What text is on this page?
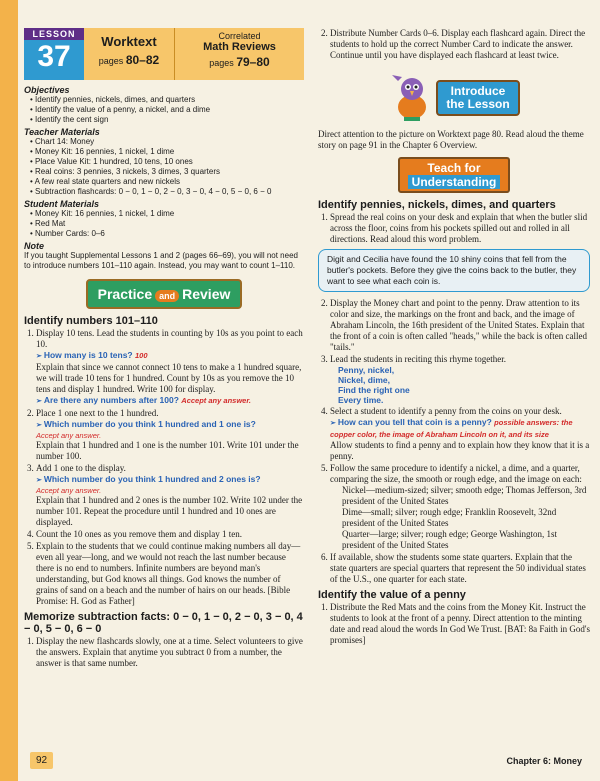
LESSON
37	Worktext
pages 80–82
Correlated
Math Reviews
pages 79–80
Objectives
• Identify pennies, nickels, dimes, and quarters
• Identify the value of a penny, a nickel, and a dime
• Identify the cent sign
Teacher Materials
• Chart 14: Money
• Money Kit: 16 pennies, 1 nickel, 1 dime
• Place Value Kit: 1 hundred, 10 tens, 10 ones
• Real coins: 3 pennies, 3 nickels, 3 dimes, 3 quarters
• A few real state quarters and new nickels
• Subtraction flashcards: 0 − 0, 1 − 0, 2 − 0, 3 − 0, 4 − 0, 5 − 0, 6 − 0
Student Materials
• Money Kit: 16 pennies, 1 nickel, 1 dime
• Red Mat
• Number Cards: 0–6
Note

If you taught Supplemental Lessons 1 and 2 (pages 66–69), you will not need to introduce numbers 101–110 again. Instead, you may want to count 1–110.

Practice and Review
Identify numbers 101–110
1. Display 10 tens. Lead the students in counting by 10s as you point to each 10.
➢ How many is 10 tens? 100
Explain that since we cannot connect 10 tens to make a 1 hundred square, we will trade 10 tens for 1 hundred. Count by 10s as you remove the 10 tens and display 1 hundred. Write 100 for display.
➢ Are there any numbers after 100? Accept any answer.
2. Place 1 one next to the 1 hundred.
➢ Which number do you think 1 hundred and 1 one is?
Accept any answer.
Explain that 1 hundred and 1 one is the number 101. Write 101 under the number 100.
3. Add 1 one to the display.
➢ Which number do you think 1 hundred and 2 ones is?
Accept any answer.
Explain that 1 hundred and 2 ones is the number 102. Write 102 under the number 101. Repeat the procedure until 1 hundred and 10 ones are displayed.
4. Count the 10 ones as you remove them and display 1 ten.
5. Explain to the students that we could continue making numbers all day—even all year—long, and we would not reach the last number because there is no end to numbers. Infinite numbers are beyond man's understanding, but God knows all things. God knows the number of grains of sand on a beach and the number of hairs on our heads. [Bible Promise: H. God as Father]
Memorize subtraction facts: 0 − 0, 1 − 0, 2 − 0, 3 − 0, 4 − 0, 5 − 0, 6 − 0
1. Display the new flashcards slowly, one at a time. Select volunteers to give the answers. Explain that anytime you subtract 0 from a number, the answer is that same number.
2. Distribute Number Cards 0–6. Display each flashcard again. Direct the students to hold up the correct Number Card to indicate the answer. Continue until you have displayed each flashcard at least twice.
Introduce
the Lesson

Direct attention to the picture on Worktext page 80. Read aloud the theme story on page 91 in the Chapter 6 Overview.

Teach for
Understanding
Identify pennies, nickels, dimes, and quarters
1. Spread the real coins on your desk and explain that when the butler slid across the floor, coins from his pockets spilled out and rolled in all directions. Read aloud this word problem.
Digit and Cecilia have found the 10 shiny coins that fell from the butler's pockets. Before they give the coins back to the butler, they want to see what each coin is.
2. Display the Money chart and point to the penny. Draw attention to its color and size, the markings on the front and back, and the image of Abraham Lincoln, the 16th president of the United States. Explain that the front of a coin is often called "heads," while the back is often called "tails."
3. Lead the students in reciting this rhyme together.
Penny, nickel,
Nickel, dime,
Find the right one
Every time.
4. Select a student to identify a penny from the coins on your desk.
➢ How can you tell that coin is a penny? possible answers: the copper color, the image of Abraham Lincoln on it, and its size
Allow students to find a penny and to explain how they know that it is a penny.
5. Follow the same procedure to identify a nickel, a dime, and a quarter, comparing the size, the smooth or rough edge, and the image on each:
Nickel—medium-sized; silver; smooth edge; Thomas Jefferson, 3rd president of the United States
Dime—small; silver; rough edge; Franklin Roosevelt, 32nd president of the United States
Quarter—large; silver; rough edge; George Washington, 1st president of the United States
6. If available, show the students some state quarters. Explain that the state quarters are special quarters that represent the 50 individual states of the U.S., one quarter for each state.
Identify the value of a penny
1. Distribute the Red Mats and the coins from the Money Kit. Instruct the students to look at the front of a penny. Direct attention to the minting date and read aloud the words In God We Trust. [BAT: 8a Faith in God's promises]
92	Chapter 6: Money
